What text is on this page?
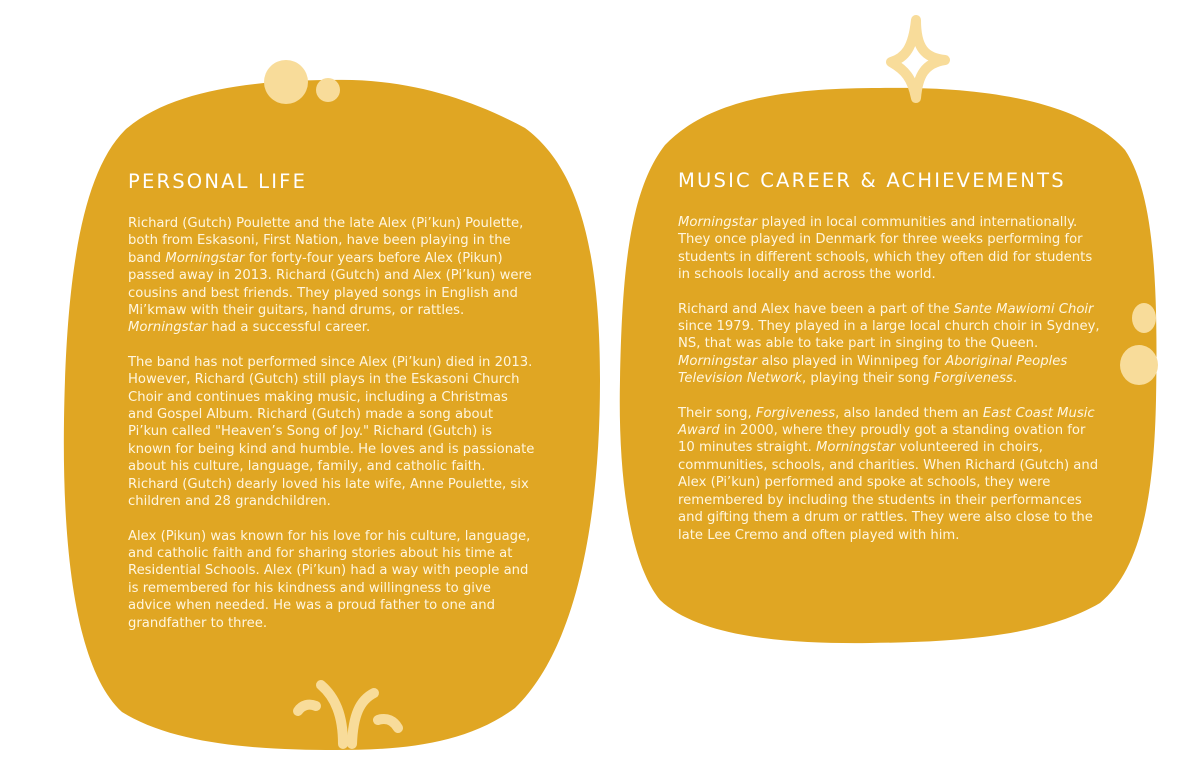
PERSONAL LIFE

Richard (Gutch) Poulette and the late Alex (Pi’kun) Poulette, both from Eskasoni, First Nation, have been playing in the band Morningstar for forty-four years before Alex (Pikun) passed away in 2013. Richard (Gutch) and Alex (Pi’kun) were cousins and best friends. They played songs in English and Mi’kmaw with their guitars, hand drums, or rattles. Morningstar had a successful career.

The band has not performed since Alex (Pi’kun) died in 2013. However, Richard (Gutch) still plays in the Eskasoni Church Choir and continues making music, including a Christmas and Gospel Album. Richard (Gutch) made a song about Pi’kun called "Heaven’s Song of Joy." Richard (Gutch) is known for being kind and humble. He loves and is passionate about his culture, language, family, and catholic faith. Richard (Gutch) dearly loved his late wife, Anne Poulette, six children and 28 grandchildren.

Alex (Pikun) was known for his love for his culture, language, and catholic faith and for sharing stories about his time at Residential Schools. Alex (Pi’kun) had a way with people and is remembered for his kindness and willingness to give advice when needed. He was a proud father to one and grandfather to three.

MUSIC CAREER & ACHIEVEMENTS

Morningstar played in local communities and internationally. They once played in Denmark for three weeks performing for students in different schools, which they often did for students in schools locally and across the world.

Richard and Alex have been a part of the Sante Mawiomi Choir since 1979. They played in a large local church choir in Sydney, NS, that was able to take part in singing to the Queen. Morningstar also played in Winnipeg for Aboriginal Peoples Television Network, playing their song Forgiveness.

Their song, Forgiveness, also landed them an East Coast Music Award in 2000, where they proudly got a standing ovation for 10 minutes straight. Morningstar volunteered in choirs, communities, schools, and charities. When Richard (Gutch) and Alex (Pi’kun) performed and spoke at schools, they were remembered by including the students in their performances and gifting them a drum or rattles. They were also close to the late Lee Cremo and often played with him.
